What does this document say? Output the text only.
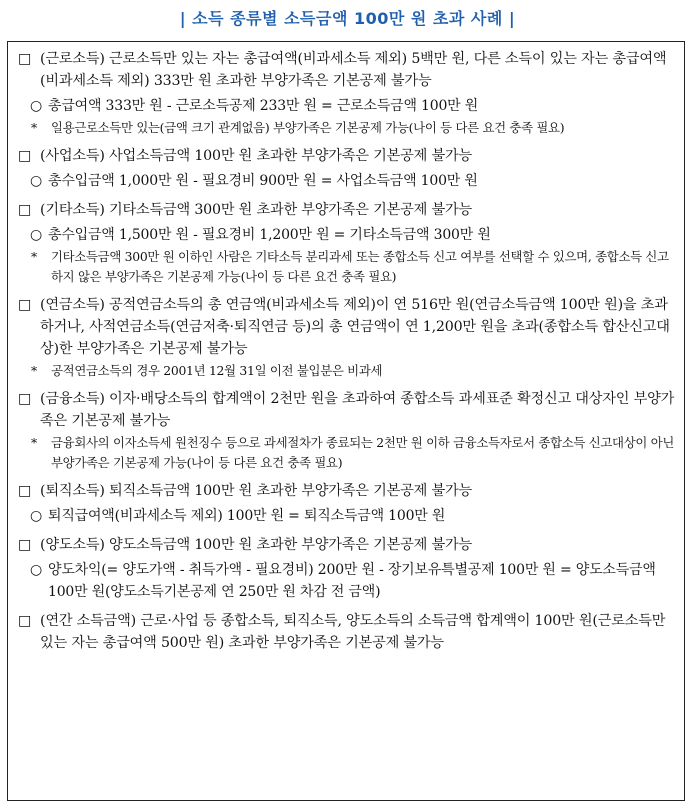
| 소득 종류별 소득금액 100만 원 초과 사례 |
□ (근로소득) 근로소득만 있는 자는 총급여액(비과세소득 제외) 5백만 원, 다른 소득이 있는 자는 총급여액(비과세소득 제외) 333만 원 초과한 부양가족은 기본공제 불가능
○ 총급여액 333만 원 - 근로소득공제 233만 원 = 근로소득금액 100만 원
* 일용근로소득만 있는(금액 크기 관계없음) 부양가족은 기본공제 가능(나이 등 다른 요건 충족 필요)
□ (사업소득) 사업소득금액 100만 원 초과한 부양가족은 기본공제 불가능
○ 총수입금액 1,000만 원 - 필요경비 900만 원 = 사업소득금액 100만 원
□ (기타소득) 기타소득금액 300만 원 초과한 부양가족은 기본공제 불가능
○ 총수입금액 1,500만 원 - 필요경비 1,200만 원 = 기타소득금액 300만 원
* 기타소득금액 300만 원 이하인 사람은 기타소득 분리과세 또는 종합소득 신고 여부를 선택할 수 있으며, 종합소득 신고하지 않은 부양가족은 기본공제 가능(나이 등 다른 요건 충족 필요)
□ (연금소득) 공적연금소득의 총 연금액(비과세소득 제외)이 연 516만 원(연금소득금액 100만 원)을 초과하거나, 사적연금소득(연금저축·퇴직연금 등)의 총 연금액이 연 1,200만 원을 초과(종합소득 합산신고대상)한 부양가족은 기본공제 불가능
* 공적연금소득의 경우 2001년 12월 31일 이전 불입분은 비과세
□ (금융소득) 이자·배당소득의 합계액이 2천만 원을 초과하여 종합소득 과세표준 확정신고 대상자인 부양가족은 기본공제 불가능
* 금융회사의 이자소득세 원천징수 등으로 과세절차가 종료되는 2천만 원 이하 금융소득자로서 종합소득 신고대상이 아닌 부양가족은 기본공제 가능(나이 등 다른 요건 충족 필요)
□ (퇴직소득) 퇴직소득금액 100만 원 초과한 부양가족은 기본공제 불가능
○ 퇴직급여액(비과세소득 제외) 100만 원 = 퇴직소득금액 100만 원
□ (양도소득) 양도소득금액 100만 원 초과한 부양가족은 기본공제 불가능
○ 양도차익(= 양도가액 - 취득가액 - 필요경비) 200만 원 - 장기보유특별공제 100만 원 = 양도소득금액 100만 원(양도소득기본공제 연 250만 원 차감 전 금액)
□ (연간 소득금액) 근로·사업 등 종합소득, 퇴직소득, 양도소득의 소득금액 합계액이 100만 원(근로소득만 있는 자는 총급여액 500만 원) 초과한 부양가족은 기본공제 불가능
